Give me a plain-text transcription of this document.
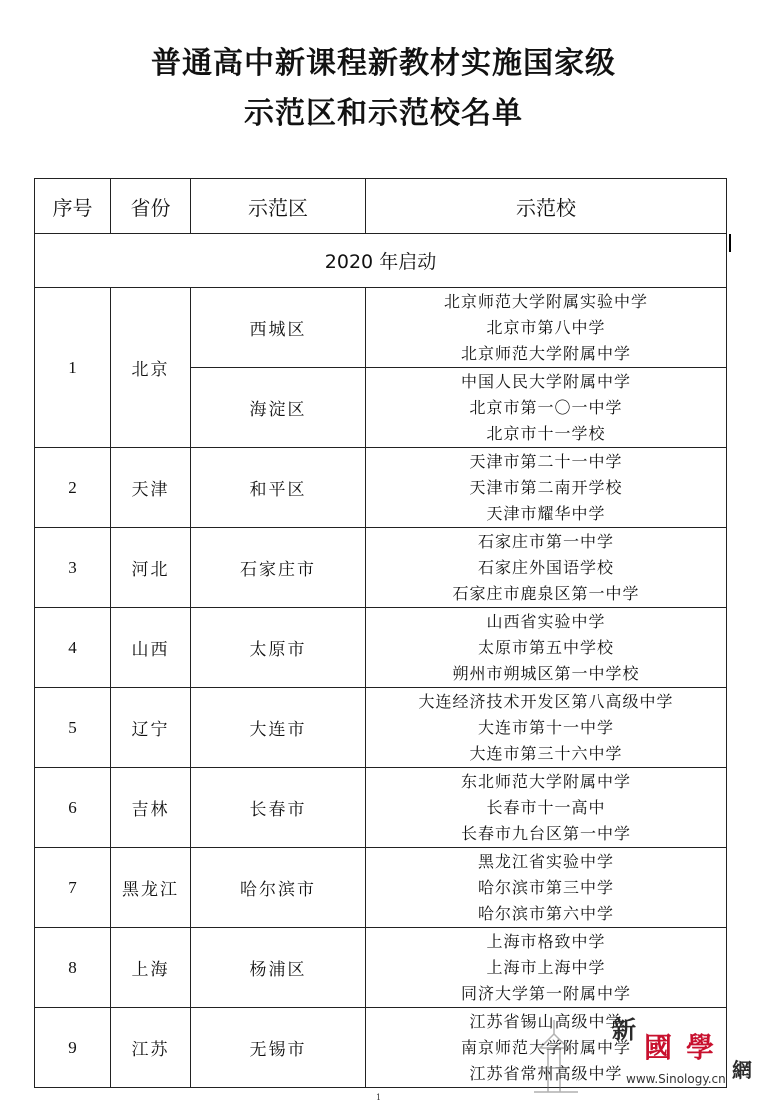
普通高中新课程新教材实施国家级
示范区和示范校名单
序号	省份	示范区	示范校
2020 年启动			
1	北京	西城区	北京师范大学附属实验中学
北京市第八中学
北京师范大学附属中学

		海淀区	中国人民大学附属中学
北京市第一〇一中学
北京市十一学校

2	天津	和平区	天津市第二十一中学
天津市第二南开学校
天津市耀华中学

3	河北	石家庄市	石家庄市第一中学
石家庄外国语学校
石家庄市鹿泉区第一中学

4	山西	太原市	山西省实验中学
太原市第五中学校
朔州市朔城区第一中学校

5	辽宁	大连市	大连经济技术开发区第八高级中学
大连市第十一中学
大连市第三十六中学

6	吉林	长春市	东北师范大学附属中学
长春市十一高中
长春市九台区第一中学

7	黑龙江	哈尔滨市	黑龙江省实验中学
哈尔滨市第三中学
哈尔滨市第六中学

8	上海	杨浦区	上海市格致中学
上海市上海中学
同济大学第一附属中学

9	江苏	无锡市	江苏省锡山高级中学
南京师范大学附属中学
江苏省常州高级中学
1
新
國學
網
www.Sinology.cn
